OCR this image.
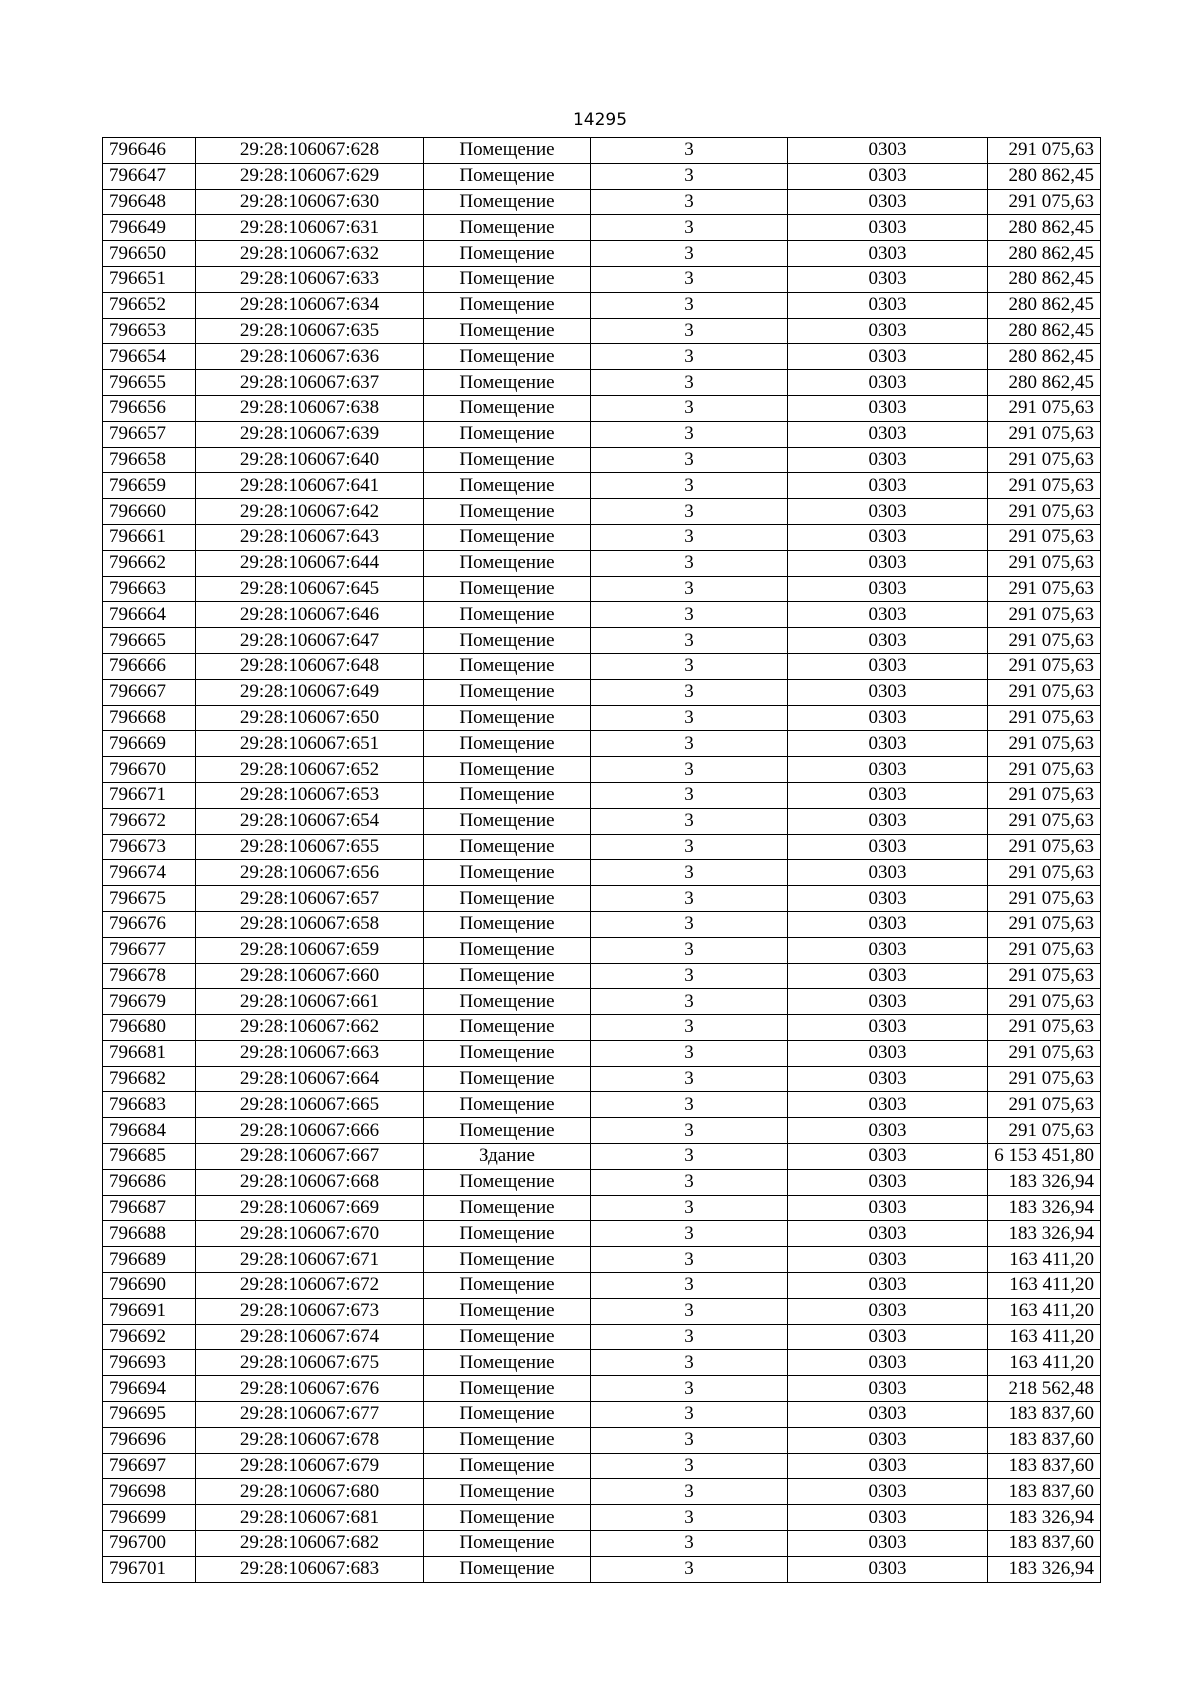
14295
796646	29:28:106067:628	Помещение	3	0303	291 075,63
796647	29:28:106067:629	Помещение	3	0303	280 862,45
796648	29:28:106067:630	Помещение	3	0303	291 075,63
796649	29:28:106067:631	Помещение	3	0303	280 862,45
796650	29:28:106067:632	Помещение	3	0303	280 862,45
796651	29:28:106067:633	Помещение	3	0303	280 862,45
796652	29:28:106067:634	Помещение	3	0303	280 862,45
796653	29:28:106067:635	Помещение	3	0303	280 862,45
796654	29:28:106067:636	Помещение	3	0303	280 862,45
796655	29:28:106067:637	Помещение	3	0303	280 862,45
796656	29:28:106067:638	Помещение	3	0303	291 075,63
796657	29:28:106067:639	Помещение	3	0303	291 075,63
796658	29:28:106067:640	Помещение	3	0303	291 075,63
796659	29:28:106067:641	Помещение	3	0303	291 075,63
796660	29:28:106067:642	Помещение	3	0303	291 075,63
796661	29:28:106067:643	Помещение	3	0303	291 075,63
796662	29:28:106067:644	Помещение	3	0303	291 075,63
796663	29:28:106067:645	Помещение	3	0303	291 075,63
796664	29:28:106067:646	Помещение	3	0303	291 075,63
796665	29:28:106067:647	Помещение	3	0303	291 075,63
796666	29:28:106067:648	Помещение	3	0303	291 075,63
796667	29:28:106067:649	Помещение	3	0303	291 075,63
796668	29:28:106067:650	Помещение	3	0303	291 075,63
796669	29:28:106067:651	Помещение	3	0303	291 075,63
796670	29:28:106067:652	Помещение	3	0303	291 075,63
796671	29:28:106067:653	Помещение	3	0303	291 075,63
796672	29:28:106067:654	Помещение	3	0303	291 075,63
796673	29:28:106067:655	Помещение	3	0303	291 075,63
796674	29:28:106067:656	Помещение	3	0303	291 075,63
796675	29:28:106067:657	Помещение	3	0303	291 075,63
796676	29:28:106067:658	Помещение	3	0303	291 075,63
796677	29:28:106067:659	Помещение	3	0303	291 075,63
796678	29:28:106067:660	Помещение	3	0303	291 075,63
796679	29:28:106067:661	Помещение	3	0303	291 075,63
796680	29:28:106067:662	Помещение	3	0303	291 075,63
796681	29:28:106067:663	Помещение	3	0303	291 075,63
796682	29:28:106067:664	Помещение	3	0303	291 075,63
796683	29:28:106067:665	Помещение	3	0303	291 075,63
796684	29:28:106067:666	Помещение	3	0303	291 075,63
796685	29:28:106067:667	Здание	3	0303	6 153 451,80
796686	29:28:106067:668	Помещение	3	0303	183 326,94
796687	29:28:106067:669	Помещение	3	0303	183 326,94
796688	29:28:106067:670	Помещение	3	0303	183 326,94
796689	29:28:106067:671	Помещение	3	0303	163 411,20
796690	29:28:106067:672	Помещение	3	0303	163 411,20
796691	29:28:106067:673	Помещение	3	0303	163 411,20
796692	29:28:106067:674	Помещение	3	0303	163 411,20
796693	29:28:106067:675	Помещение	3	0303	163 411,20
796694	29:28:106067:676	Помещение	3	0303	218 562,48
796695	29:28:106067:677	Помещение	3	0303	183 837,60
796696	29:28:106067:678	Помещение	3	0303	183 837,60
796697	29:28:106067:679	Помещение	3	0303	183 837,60
796698	29:28:106067:680	Помещение	3	0303	183 837,60
796699	29:28:106067:681	Помещение	3	0303	183 326,94
796700	29:28:106067:682	Помещение	3	0303	183 837,60
796701	29:28:106067:683	Помещение	3	0303	183 326,94
